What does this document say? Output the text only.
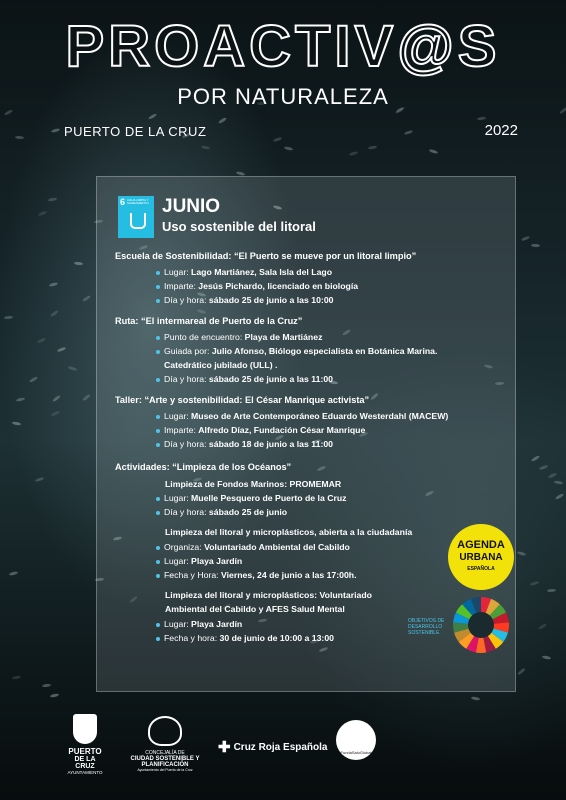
PROACTIV@S
POR NATURALEZA
PUERTO DE LA CRUZ	2022
6 AGUA LIMPIA Y SANEAMIENTO JUNIO
Uso sostenible del litoral
Escuela de Sostenibilidad: “El Puerto se mueve por un litoral limpio”
Lugar: Lago Martiánez, Sala Isla del Lago
Imparte: Jesús Pichardo, licenciado en biología
Día y hora: sábado 25 de junio a las 10:00
Ruta: “El intermareal de Puerto de la Cruz”
Punto de encuentro: Playa de Martiánez
Guiada por: Julio Afonso, Biólogo especialista en Botánica Marina.
Catedrático jubilado (ULL) .
Día y hora: sábado 25 de junio a las 11:00
Taller: “Arte y sostenibilidad: El César Manrique activista”
Lugar: Museo de Arte Contemporáneo Eduardo Westerdahl (MACEW)
Imparte: Alfredo Díaz, Fundación César Manrique
Día y hora: sábado 18 de junio a las 11:00
Actividades: “Limpieza de los Océanos”
Limpieza de Fondos Marinos: PROMEMAR
Lugar: Muelle Pesquero de Puerto de la Cruz
Día y hora: sábado 25 de junio
Limpieza del litoral y microplásticos, abierta a la ciudadanía
Organiza: Voluntariado Ambiental del Cabildo
Lugar: Playa Jardín
Fecha y Hora: Viernes, 24 de junio a las 17:00h.
Limpieza del litoral y microplásticos: Voluntariado
Ambiental del Cabildo y AFES Salud Mental
Lugar: Playa Jardín
Fecha y hora: 30 de junio de 10:00 a 13:00
AGENDA
URBANA
ESPAÑOLA
OBJETIVOS DE DESARROLLO SOSTENIBLE
PUERTO
DE LA CRUZ
AYUNTAMIENTO
CONCEJALÍA DE
CIUDAD SOSTENIBLE Y PLANIFICACIÓN
Ayuntamiento del Puerto de la Cruz
✚ Cruz Roja Española	FundaSaluGlobal
